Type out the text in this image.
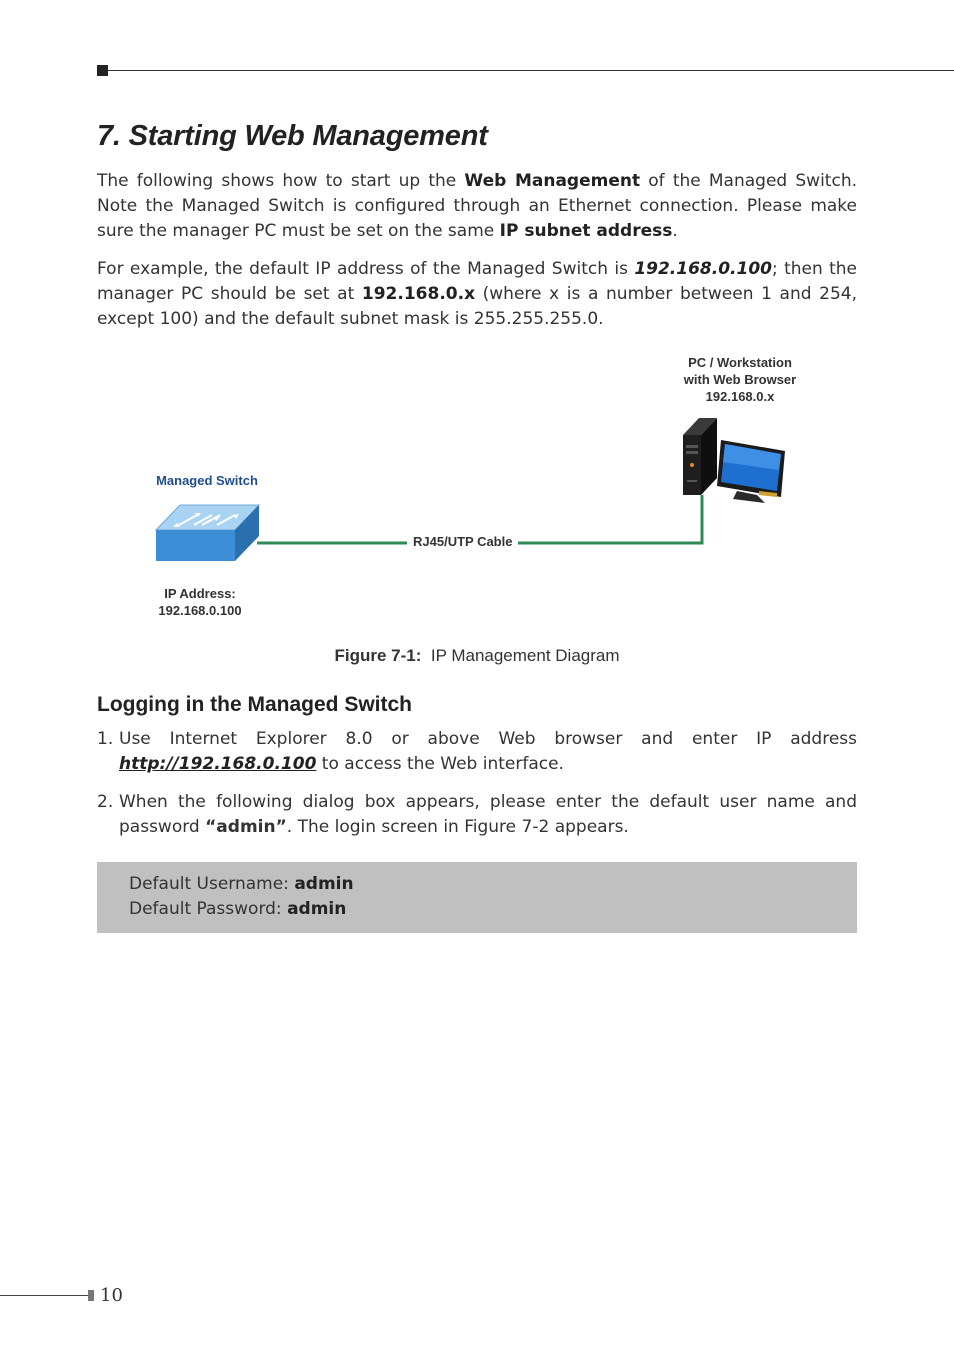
7. Starting Web Management

The following shows how to start up the Web Management of the Managed Switch. Note the Managed Switch is configured through an Ethernet connection. Please make sure the manager PC must be set on the same IP subnet address.

For example, the default IP address of the Managed Switch is 192.168.0.100; then the manager PC should be set at 192.168.0.x (where x is a number between 1 and 254, except 100) and the default subnet mask is 255.255.255.0.

PC / Workstation
with Web Browser
192.168.0.x
Managed Switch
RJ45/UTP Cable
IP Address:
192.168.0.100
Figure 7-1: IP Management Diagram
Logging in the Managed Switch
1. Use Internet Explorer 8.0 or above Web browser and enter IP address http://192.168.0.100 to access the Web interface.
2. When the following dialog box appears, please enter the default user name and password “admin”. The login screen in Figure 7-2 appears.
Default Username: admin
Default Password: admin
10
